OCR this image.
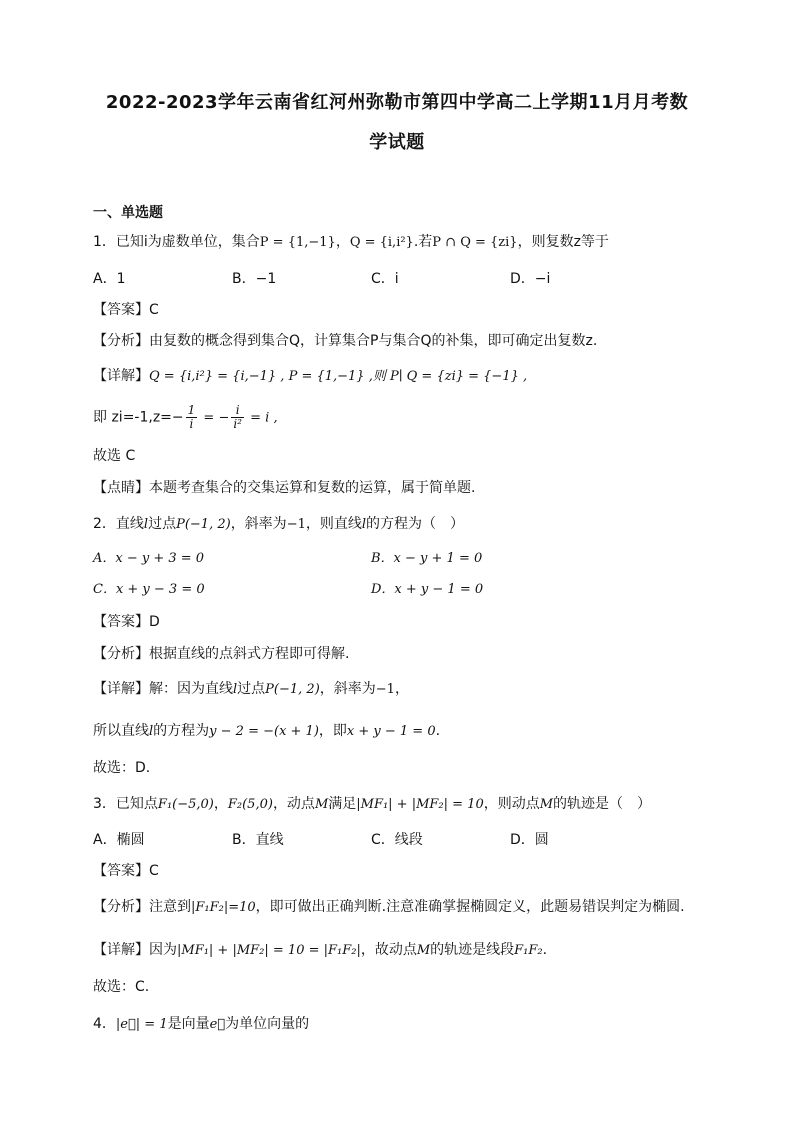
2022-2023学年云南省红河州弥勒市第四中学高二上学期11月月考数
学试题
一、单选题
1．已知i为虚数单位，集合P = {1,−1}，Q = {i,i²}.若P ∩ Q = {zi}，则复数z等于
A．1	B．−1	C．i	D．−i
【答案】C
【分析】由复数的概念得到集合Q，计算集合P与集合Q的补集，即可确定出复数z.
【详解】Q = {i,i²} = {i,−1} , P = {1,−1} ,则 P∣ Q = {zi} = {−1} ,
即 $zi=-1,z=- \frac{1}{i}$ = − $\frac{i}{\text{i²}} = i$ ,
故选 C
【点睛】本题考查集合的交集运算和复数的运算，属于简单题.
2．直线l过点P(−1, 2)，斜率为−1，则直线l的方程为（　）
A．x − y + 3 = 0	B．x − y + 1 = 0
C．x + y − 3 = 0	D．x + y − 1 = 0
【答案】D
【分析】根据直线的点斜式方程即可得解.
【详解】解：因为直线l过点P(−1, 2)，斜率为−1，
所以直线l的方程为y − 2 = −(x + 1)，即x + y − 1 = 0.
故选：D.
3．已知点F₁(−5,0)，F₂(5,0)，动点M满足|MF₁| + |MF₂| = 10，则动点M的轨迹是（　）
A．椭圆	B．直线	C．线段	D．圆
【答案】C
【分析】注意到|F₁F₂|=10，即可做出正确判断.注意准确掌握椭圆定义，此题易错误判定为椭圆.
【详解】因为|MF₁| + |MF₂| = 10 = |F₁F₂|，故动点M的轨迹是线段F₁F₂.
故选：C.
4．|e⃗| = 1是向量e⃗为单位向量的
